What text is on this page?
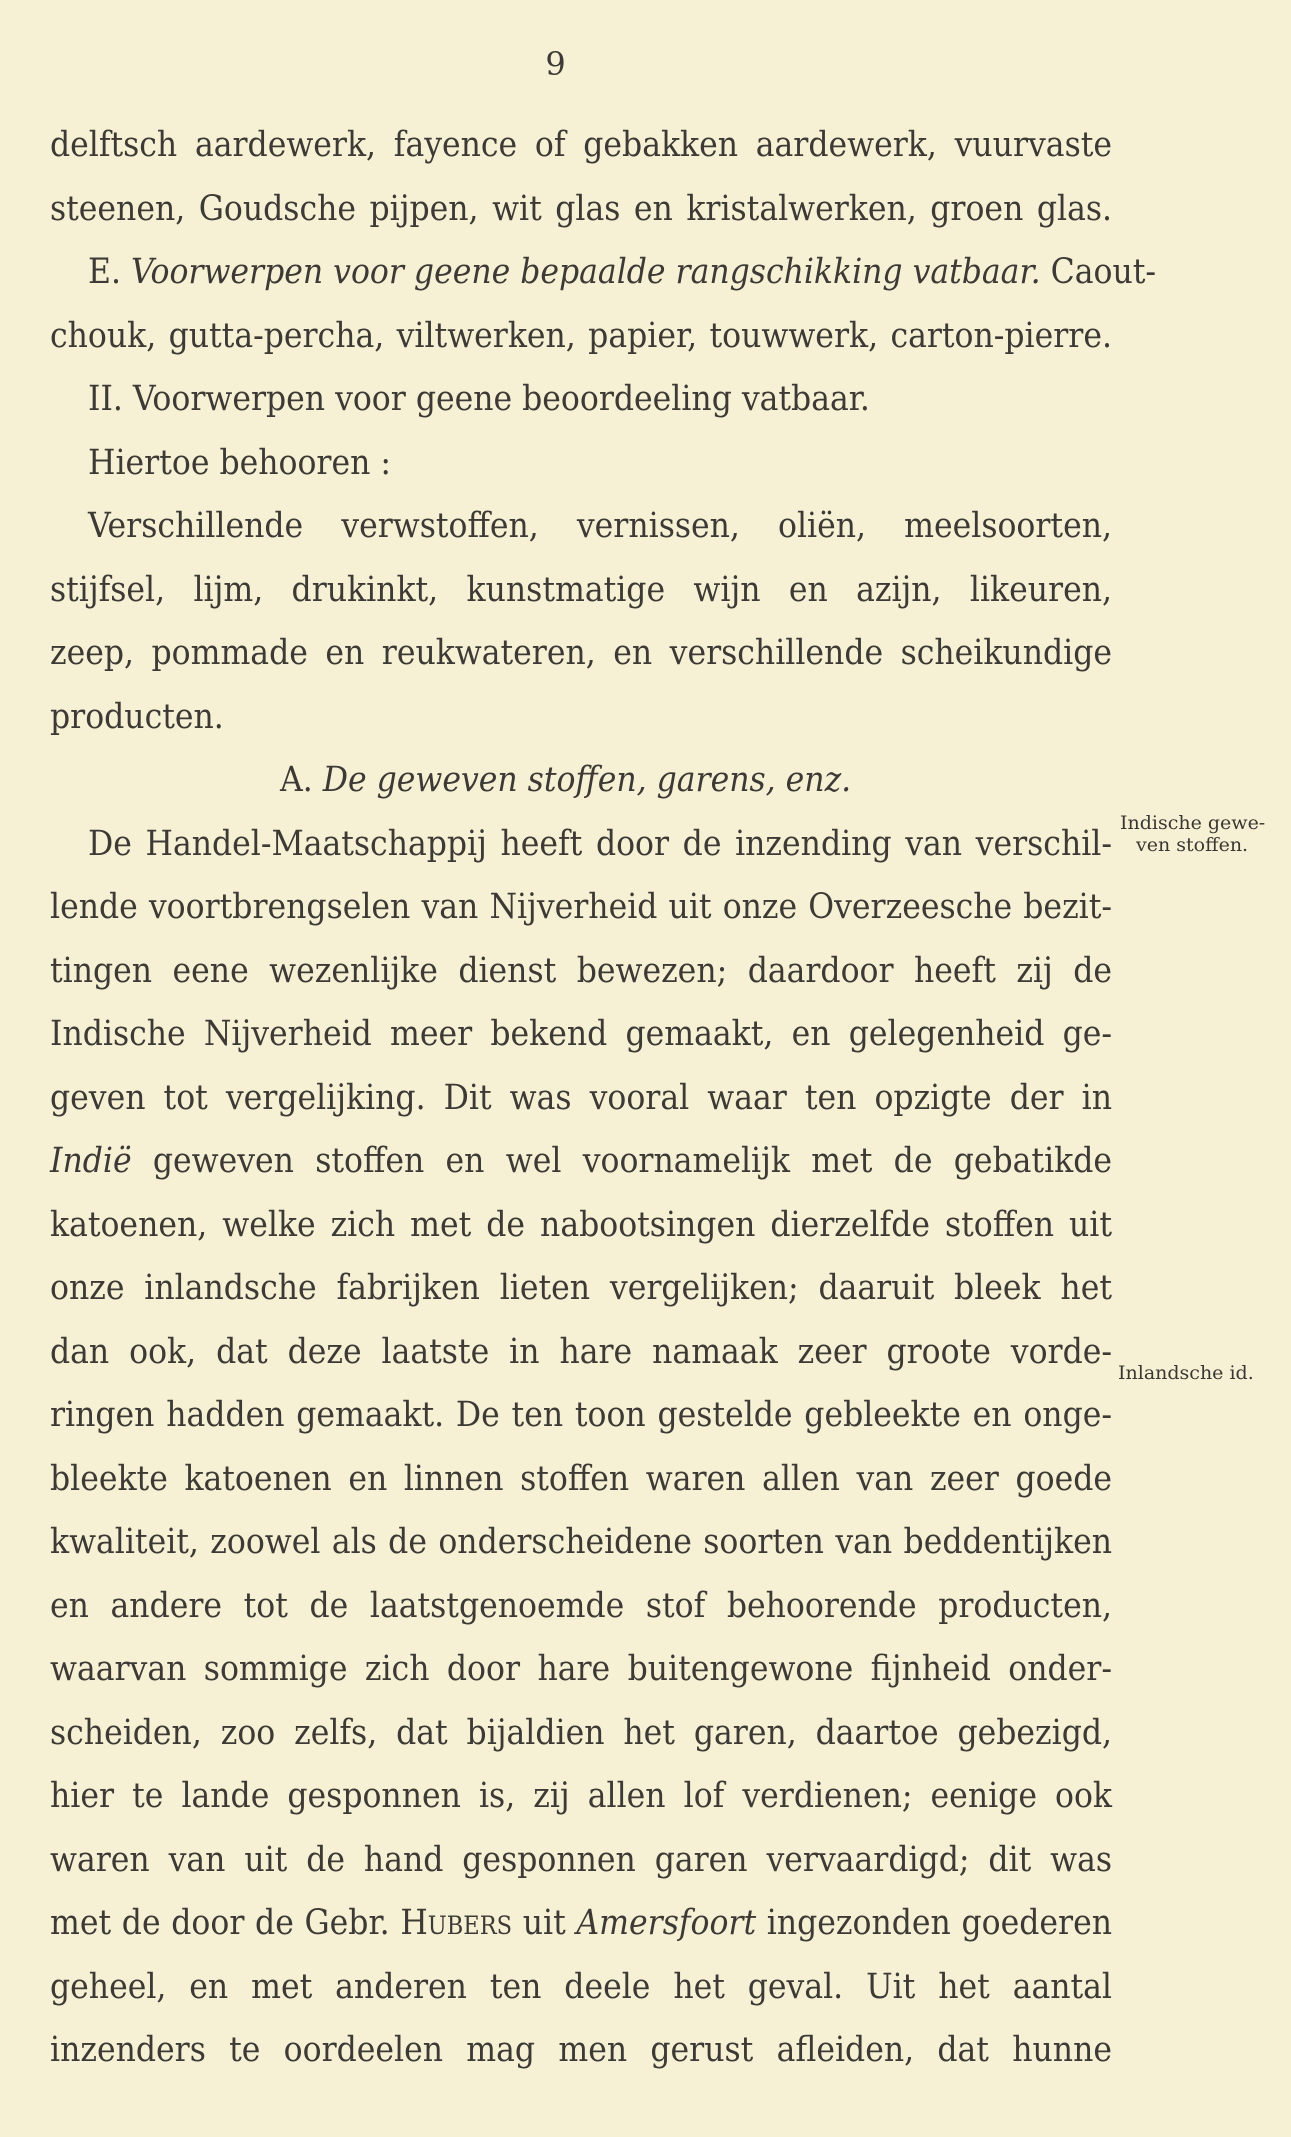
9
delftsch aardewerk, fayence of gebakken aardewerk, vuurvaste
steenen, Goudsche pijpen, wit glas en kristalwerken, groen glas.
E. Voorwerpen voor geene bepaalde rangschikking vatbaar. Caout-
chouk, gutta-percha, viltwerken, papier, touwwerk, carton-pierre.
II. Voorwerpen voor geene beoordeeling vatbaar.
Hiertoe behooren :
Verschillende verwstoffen, vernissen, oliën, meelsoorten,
stijfsel, lijm, drukinkt, kunstmatige wijn en azijn, likeuren,
zeep, pommade en reukwateren, en verschillende scheikundige
producten.
A. De geweven stoffen, garens, enz.
De Handel-Maatschappij heeft door de inzending van verschil-
lende voortbrengselen van Nijverheid uit onze Overzeesche bezit-
tingen eene wezenlijke dienst bewezen; daardoor heeft zij de
Indische Nijverheid meer bekend gemaakt, en gelegenheid ge-
geven tot vergelijking. Dit was vooral waar ten opzigte der in
Indië geweven stoffen en wel voornamelijk met de gebatikde
katoenen, welke zich met de nabootsingen dierzelfde stoffen uit
onze inlandsche fabrijken lieten vergelijken; daaruit bleek het
dan ook, dat deze laatste in hare namaak zeer groote vorde-
ringen hadden gemaakt. De ten toon gestelde gebleekte en onge-
bleekte katoenen en linnen stoffen waren allen van zeer goede
kwaliteit, zoowel als de onderscheidene soorten van beddentijken
en andere tot de laatstgenoemde stof behoorende producten,
waarvan sommige zich door hare buitengewone fijnheid onder-
scheiden, zoo zelfs, dat bijaldien het garen, daartoe gebezigd,
hier te lande gesponnen is, zij allen lof verdienen; eenige ook
waren van uit de hand gesponnen garen vervaardigd; dit was
met de door de Gebr. Hubers uit Amersfoort ingezonden goederen
geheel, en met anderen ten deele het geval. Uit het aantal
inzenders te oordeelen mag men gerust afleiden, dat hunne
Indische gewe-
ven stoffen.
Inlandsche id.
